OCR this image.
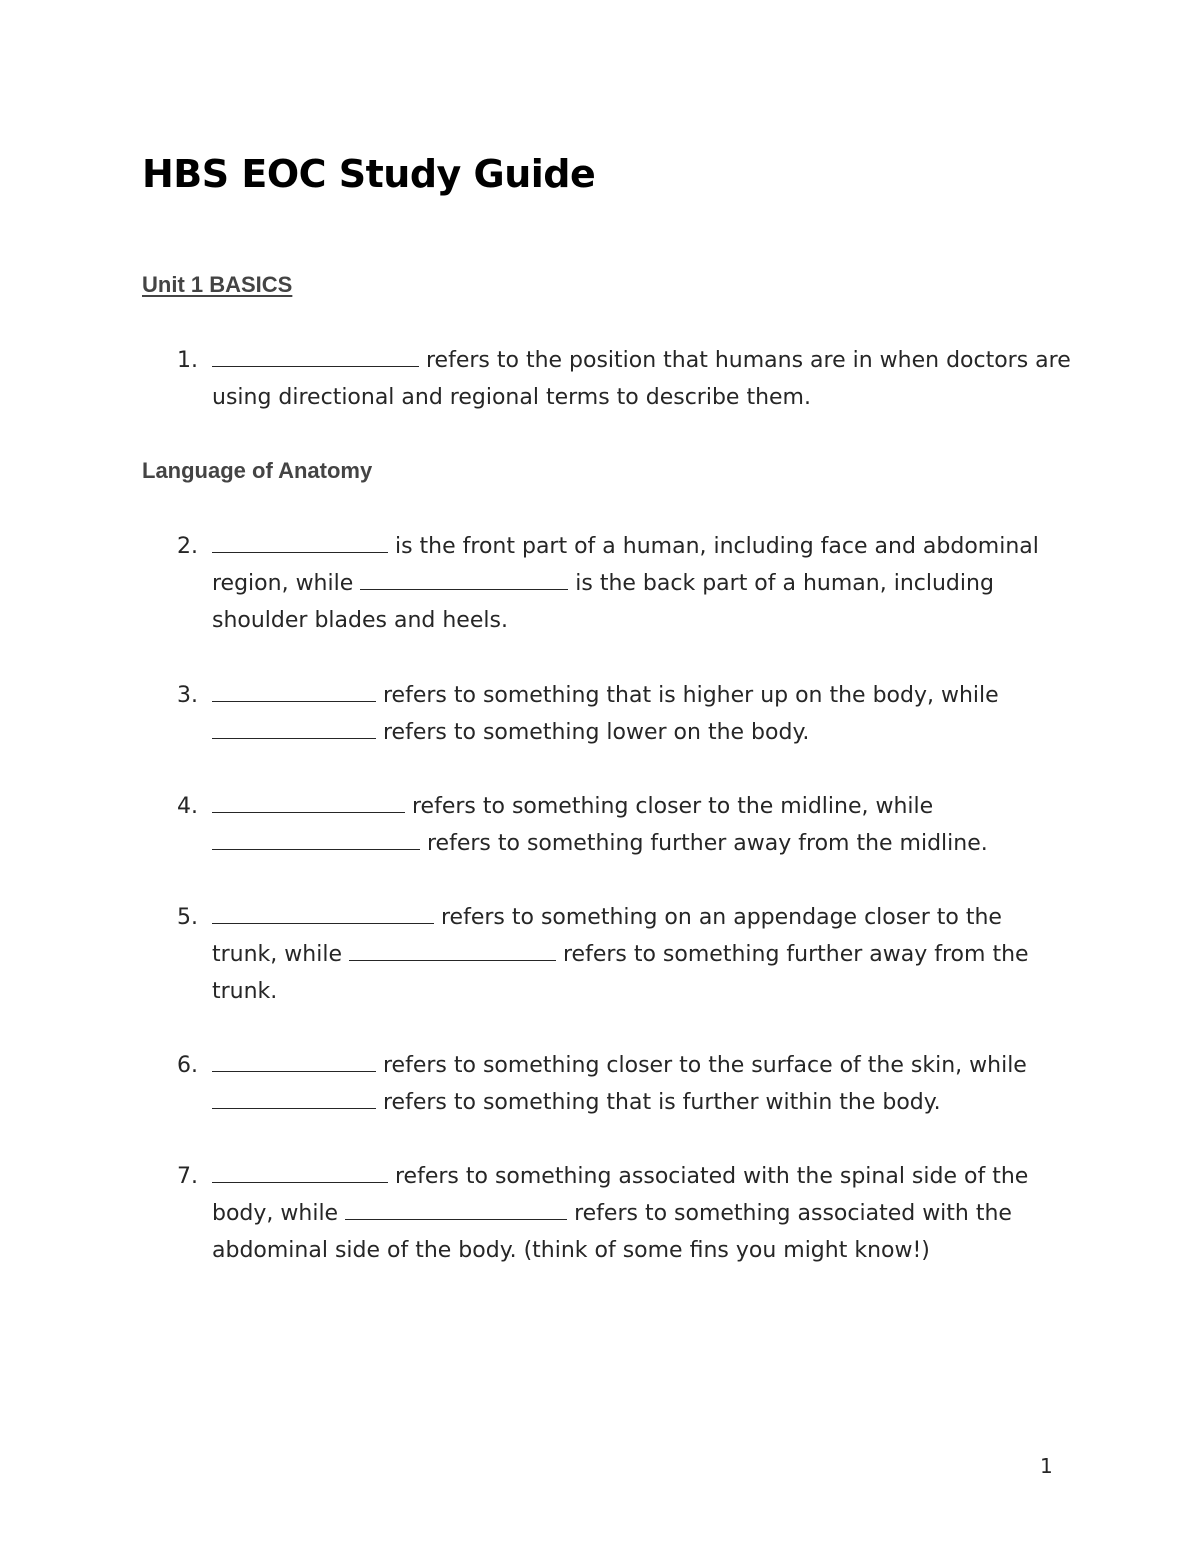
HBS EOC Study Guide
Unit 1 BASICS
1.	refers to the position that humans are in when doctors are using directional and regional terms to describe them.
Language of Anatomy
2.	is the front part of a human, including face and abdominal region, while	is the back part of a human, including shoulder blades and heels.
3.	refers to something that is higher up on the body, while  refers to something lower on the body.
4.	refers to something closer to the midline, while  refers to something further away from the midline.
5.	refers to something on an appendage closer to the trunk, while	refers to something further away from the trunk.
6.	refers to something closer to the surface of the skin, while  refers to something that is further within the body.
7.	refers to something associated with the spinal side of the body, while	refers to something associated with the abdominal side of the body. (think of some fins you might know!)
1
